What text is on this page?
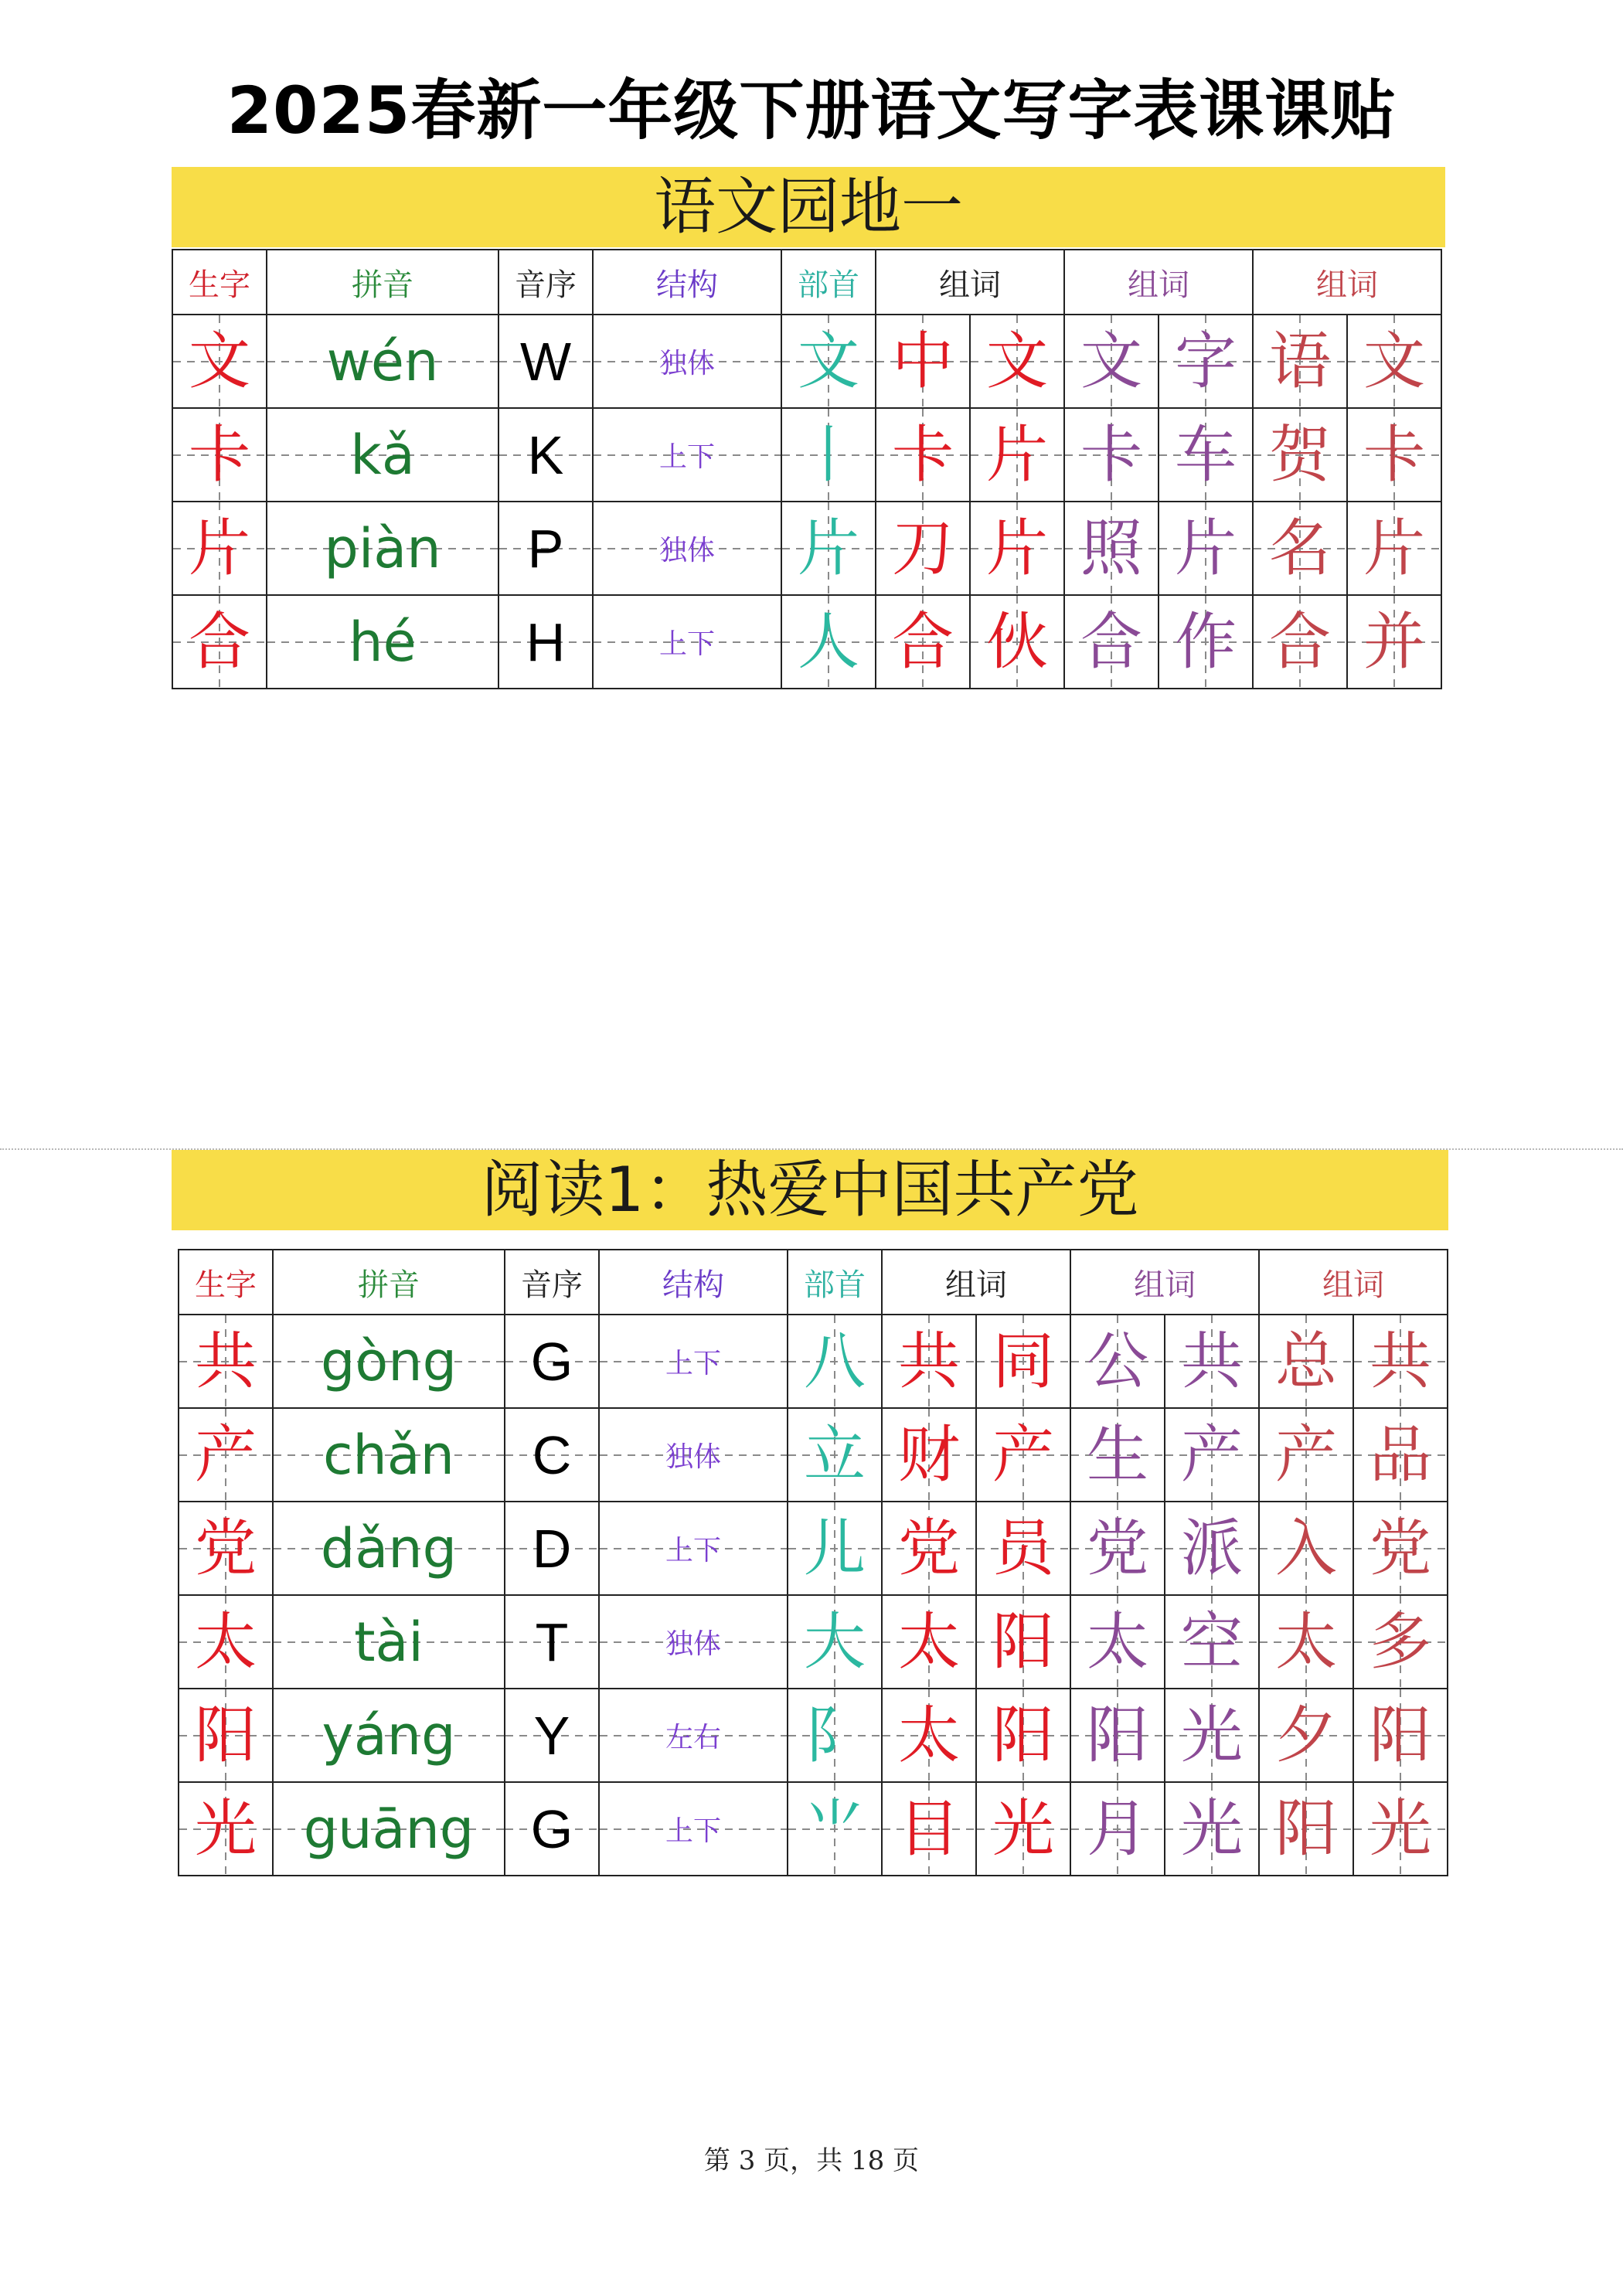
2025春新一年级下册语文写字表课课贴
语文园地一
生字	拼音	音序	结构	部首	组词		组词		组词	
文	wén	W	独体	文	中	文	文	字	语	文
卡	kǎ	K	上下	丨	卡	片	卡	车	贺	卡
片	piàn	P	独体	片	刀	片	照	片	名	片
合	hé	H	上下	人	合	伙	合	作	合	并
阅读1：热爱中国共产党
生字	拼音	音序	结构	部首	组词		组词		组词	
共	gòng	G	上下	八	共	同	公	共	总	共
产	chǎn	C	独体	立	财	产	生	产	产	品
党	dǎng	D	上下	儿	党	员	党	派	入	党
太	tài	T	独体	大	太	阳	太	空	太	多
阳	yáng	Y	左右	阝	太	阳	阳	光	夕	阳
光	guāng	G	上下	⺌	目	光	月	光	阳	光
第 3 页，共 18 页
